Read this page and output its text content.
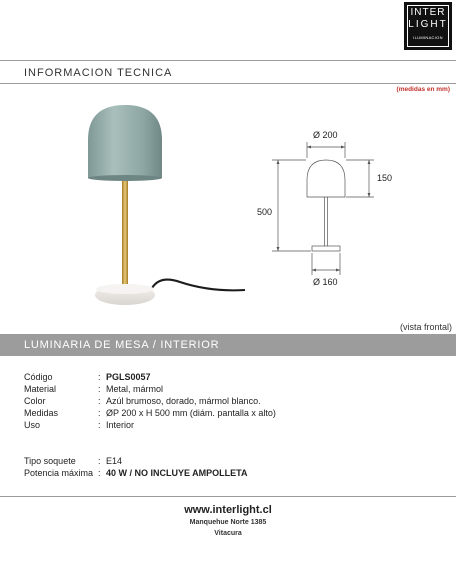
INTER
LIGHT
ILUMINACION
INFORMACION TECNICA
(medidas en mm)
Ø 200
150
500
Ø 160
(vista frontal)
LUMINARIA DE MESA / INTERIOR
Código	: PGLS0057
Material	: Metal, mármol
Color	: Azúl brumoso, dorado, mármol blanco.
Medidas	: ØP 200 x H 500 mm (diám. pantalla x alto)
Uso	: Interior
Tipo soquete : E14
Potencia máxima : 40 W / NO INCLUYE AMPOLLETA
www.interlight.cl
Manquehue Norte 1385
Vitacura
